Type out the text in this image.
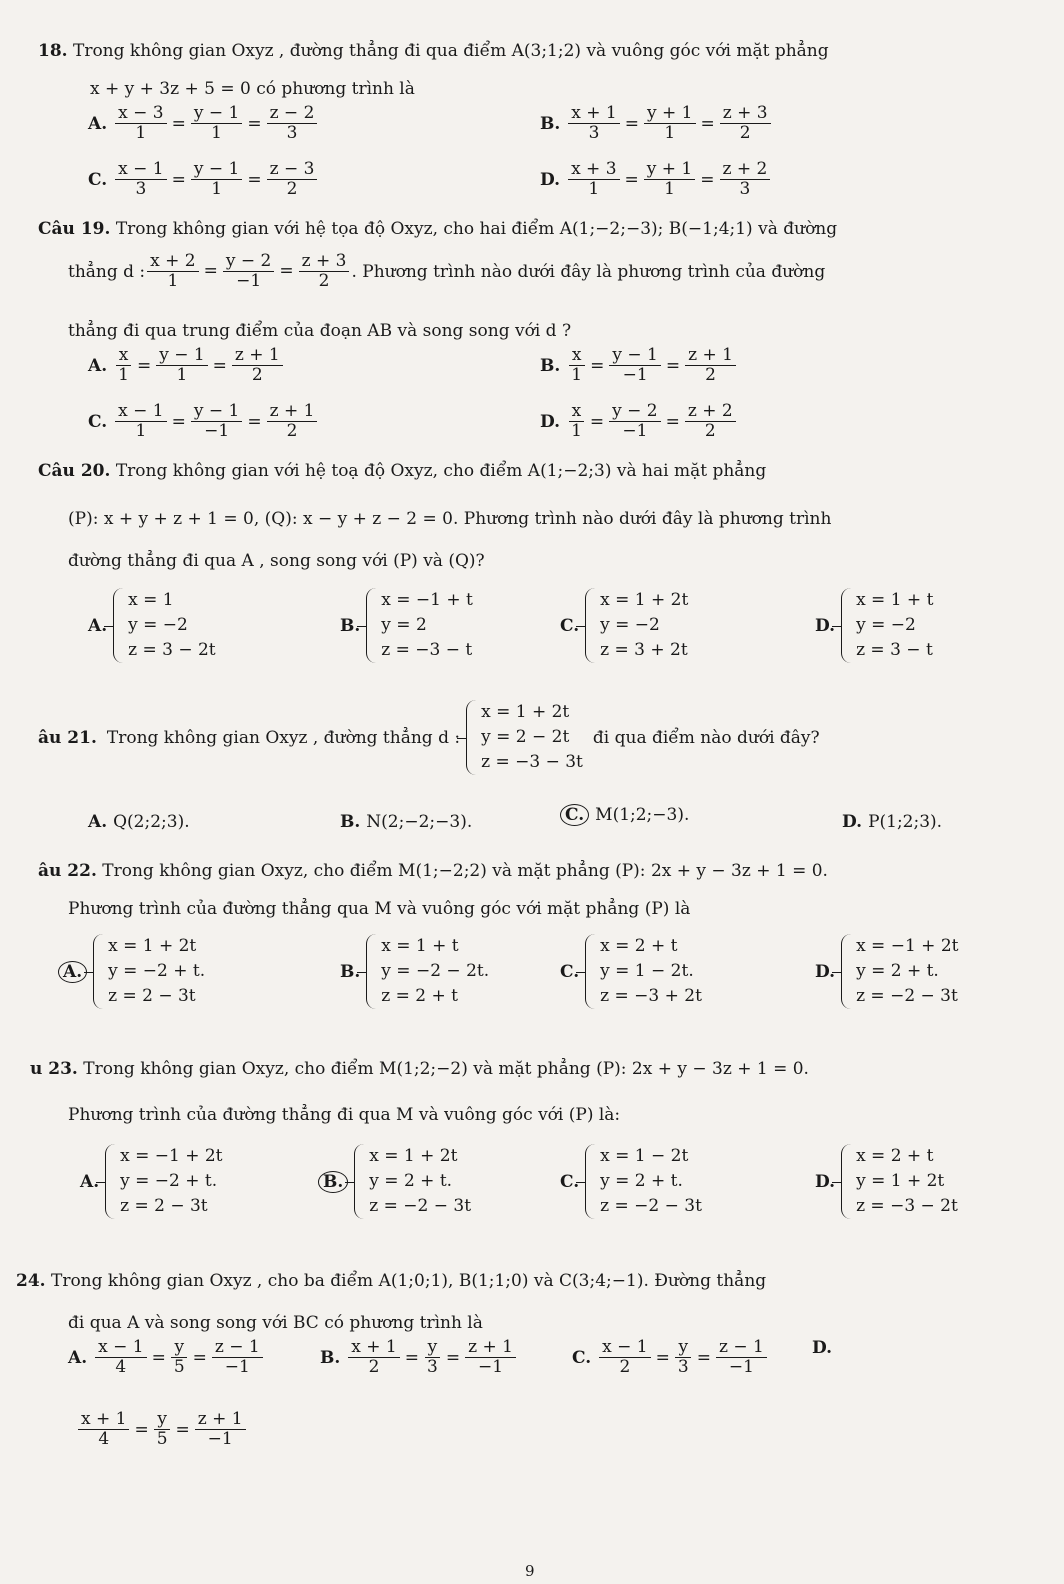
18. Trong không gian Oxyz , đường thẳng đi qua điểm A(3;1;2) và vuông góc với mặt phẳng
x + y + 3z + 5 = 0 có phương trình là
A. $\frac{x - 3}{1} = \frac{y - 1}{1} = \frac{z - 2}{3}$	B. $\frac{x + 1}{3} = \frac{y + 1}{1} = \frac{z + 3}{2}$
C. $\frac{x - 1}{3} = \frac{y - 1}{1} = \frac{z - 3}{2}$	D. $\frac{x + 3}{1} = \frac{y + 1}{1} = \frac{z + 2}{3}$
Câu 19. Trong không gian với hệ tọa độ Oxyz, cho hai điểm A(1;−2;−3); B(−1;4;1) và đường
thẳng d : $\frac{x + 2}{1} = \frac{y - 2}{-1} = \frac{z + 3}{2}$ . Phương trình nào dưới đây là phương trình của đường
thẳng đi qua trung điểm của đoạn AB và song song với d ?
A. $\frac{x}{1} = \frac{y - 1}{1} = \frac{z + 1}{2}$	B. $\frac{x}{1} = \frac{y - 1}{-1} = \frac{z + 1}{2}$
C. $\frac{x - 1}{1} = \frac{y - 1}{-1} = \frac{z + 1}{2}$	D. $\frac{x}{1} = \frac{y - 2}{-1} = \frac{z + 2}{2}$
Câu 20. Trong không gian với hệ toạ độ Oxyz, cho điểm A(1;−2;3) và hai mặt phẳng
(P): x + y + z + 1 = 0, (Q): x − y + z − 2 = 0. Phương trình nào dưới đây là phương trình
đường thẳng đi qua A , song song với (P) và (Q)?
A.
x = 1
y = −2
z = 3 − 2t
B.
x = −1 + t
y = 2
z = −3 − t
C.
x = 1 + 2t
y = −2
z = 3 + 2t
D.
x = 1 + t
y = −2
z = 3 − t
âu 21. Trong không gian Oxyz , đường thẳng d :
x = 1 + 2t
y = 2 − 2t
z = −3 − 3t
đi qua điểm nào dưới đây?
A. Q(2;2;3).	B. N(2;−2;−3).	C. M(1;2;−3).	D. P(1;2;3).
âu 22. Trong không gian Oxyz, cho điểm M(1;−2;2) và mặt phẳng (P): 2x + y − 3z + 1 = 0.
Phương trình của đường thẳng qua M và vuông góc với mặt phẳng (P) là
A.
x = 1 + 2t
y = −2 + t.
z = 2 − 3t
B.
x = 1 + t
y = −2 − 2t.
z = 2 + t
C.
x = 2 + t
y = 1 − 2t.
z = −3 + 2t
D.
x = −1 + 2t
y = 2 + t.
z = −2 − 3t
u 23. Trong không gian Oxyz, cho điểm M(1;2;−2) và mặt phẳng (P): 2x + y − 3z + 1 = 0.
Phương trình của đường thẳng đi qua M và vuông góc với (P) là:
A.
x = −1 + 2t
y = −2 + t.
z = 2 − 3t
B.
x = 1 + 2t
y = 2 + t.
z = −2 − 3t
C.
x = 1 − 2t
y = 2 + t.
z = −2 − 3t
D.
x = 2 + t
y = 1 + 2t
z = −3 − 2t
24. Trong không gian Oxyz , cho ba điểm A(1;0;1), B(1;1;0) và C(3;4;−1). Đường thẳng
đi qua A và song song với BC có phương trình là
A. $\frac{x - 1}{4} = \frac{y}{5} = \frac{z - 1}{-1}$	B. $\frac{x + 1}{2} = \frac{y}{3} = \frac{z + 1}{-1}$	C. $\frac{x - 1}{2} = \frac{y}{3} = \frac{z - 1}{-1}$	D.
$\frac{x + 1}{4} = \frac{y}{5} = \frac{z + 1}{-1}$
9
